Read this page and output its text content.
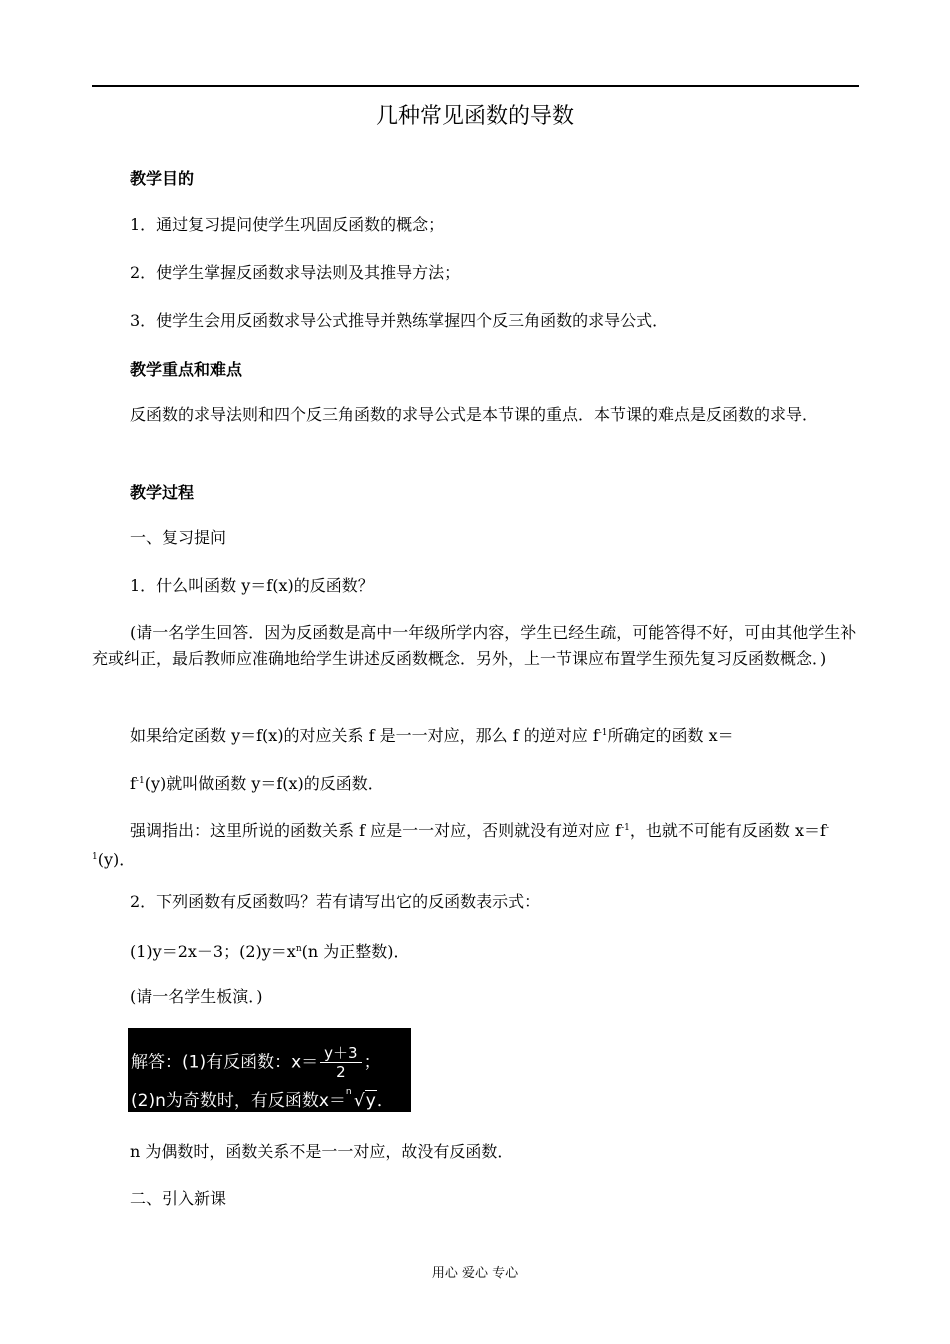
几种常见函数的导数
教学目的
1．通过复习提问使学生巩固反函数的概念；
2．使学生掌握反函数求导法则及其推导方法；
3．使学生会用反函数求导公式推导并熟练掌握四个反三角函数的求导公式．
教学重点和难点
反函数的求导法则和四个反三角函数的求导公式是本节课的重点．本节课的难点是反函数的求导．
教学过程
一、复习提问
1．什么叫函数 y＝f(x)的反函数？
(请一名学生回答．因为反函数是高中一年级所学内容，学生已经生疏，可能答得不好，可由其他学生补充或纠正，最后教师应准确地给学生讲述反函数概念．另外，上一节课应布置学生预先复习反函数概念．)
如果给定函数 y＝f(x)的对应关系 f 是一一对应，那么 f 的逆对应 $f^{-1}$所确定的函数 x＝
$f^{-1}(y)$就叫做函数 y＝f(x)的反函数．
强调指出：这里所说的函数关系 f 应是一一对应，否则就没有逆对应 $f^{-1}$，也就不可能有反函数 $x=f^{-1}(y)$．
2．下列函数有反函数吗？若有请写出它的反函数表示式：
(1)y＝2x－3；$(2)y=x^n(n$ 为正整数)．
(请一名学生板演．)
解答：(1)有反函数：$x= \frac{y+3}{2}$ ；
(2)n为奇数时，有反函数x＝ n √y．
n 为偶数时，函数关系不是一一对应，故没有反函数．
二、引入新课
用心 爱心 专心
